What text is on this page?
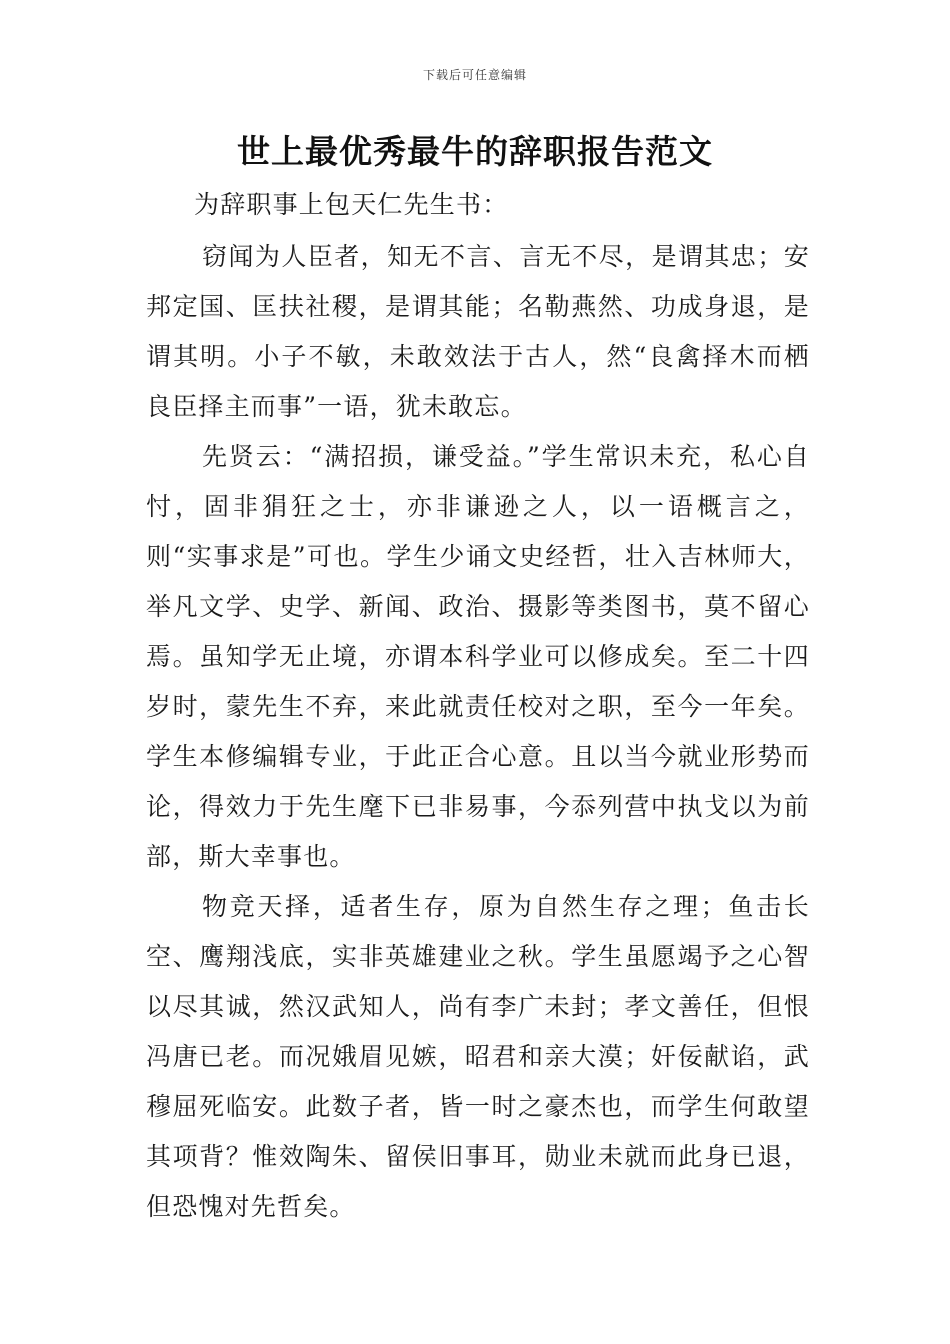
下载后可任意编辑
世上最优秀最牛的辞职报告范文

为辞职事上包天仁先生书：

窃闻为人臣者，知无不言、言无不尽，是谓其忠；安邦定国、匡扶社稷，是谓其能；名勒燕然、功成身退，是谓其明。小子不敏，未敢效法于古人，然“良禽择木而栖良臣择主而事”一语，犹未敢忘。

先贤云：“满招损，谦受益。”学生常识未充，私心自忖，固非狷狂之士，亦非谦逊之人，以一语概言之，则“实事求是”可也。学生少诵文史经哲，壮入吉林师大，举凡文学、史学、新闻、政治、摄影等类图书，莫不留心焉。虽知学无止境，亦谓本科学业可以修成矣。至二十四岁时，蒙先生不弃，来此就责任校对之职，至今一年矣。学生本修编辑专业，于此正合心意。且以当今就业形势而论，得效力于先生麾下已非易事，今忝列营中执戈以为前部，斯大幸事也。

物竞天择，适者生存，原为自然生存之理；鱼击长空、鹰翔浅底，实非英雄建业之秋。学生虽愿竭予之心智以尽其诚，然汉武知人，尚有李广未封；孝文善任，但恨冯唐已老。而况娥眉见嫉，昭君和亲大漠；奸佞献谄，武穆屈死临安。此数子者，皆一时之豪杰也，而学生何敢望其项背？惟效陶朱、留侯旧事耳，勋业未就而此身已退，但恐愧对先哲矣。
